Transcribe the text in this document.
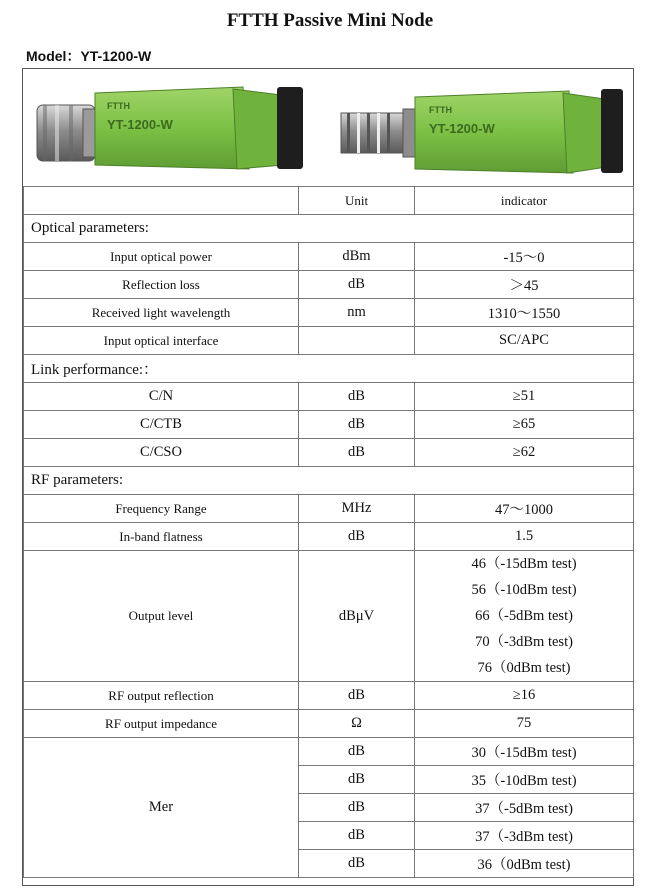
FTTH Passive Mini Node
Model：YT-1200-W
FTTH
YT-1200-W
FTTH
YT-1200-W
	Unit	indicator
Optical parameters:		
Input optical power	dBm	-15～0
Reflection loss	dB	＞45
Received light wavelength	nm	1310～1550
Input optical interface		SC/APC
Link performance:：		
C/N	dB	≥51
C/CTB	dB	≥65
C/CSO	dB	≥62
RF parameters:		
Frequency Range	MHz	47～1000
In-band flatness	dB	1.5
Output level	dBμV	46（-15dBm test)
56（-10dBm test)
66（-5dBm test)
70（-3dBm test)
76（0dBm test)

RF output reflection	dB	≥16
RF output impedance	Ω	75
Mer	dB	30（-15dBm test)
	dB	35（-10dBm test)
	dB	37（-5dBm test)
	dB	37（-3dBm test)
	dB	36（0dBm test)
